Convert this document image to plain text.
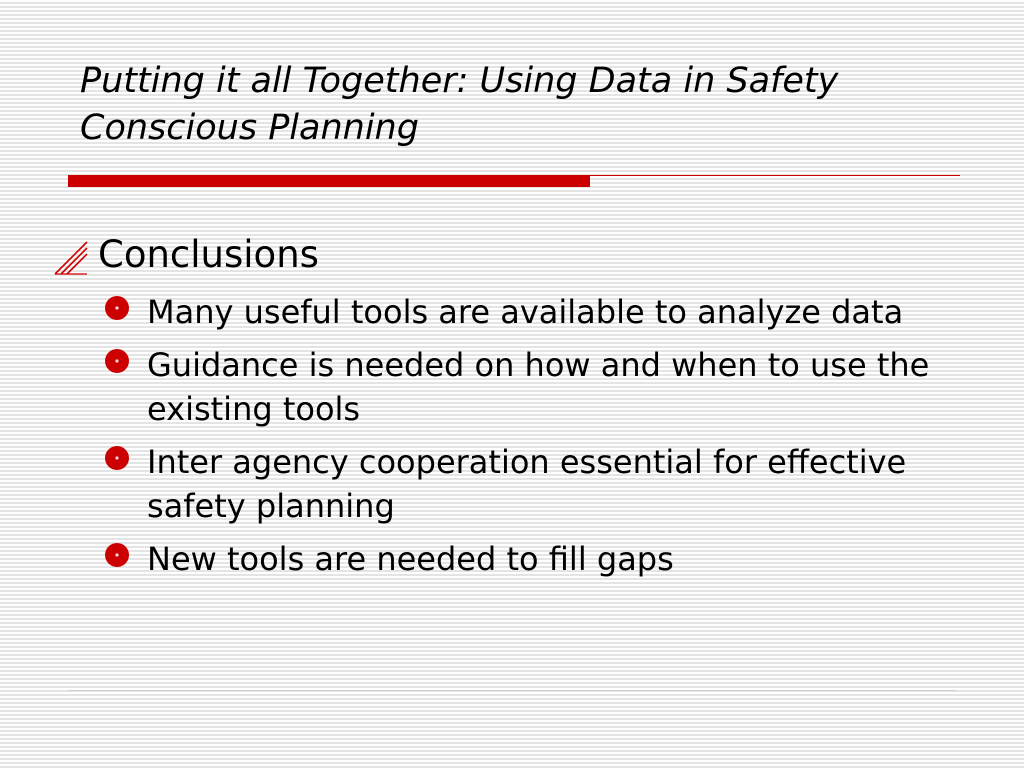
Putting it all Together: Using Data in Safety Conscious Planning
Conclusions
Many useful tools are available to analyze data
Guidance is needed on how and when to use the existing tools
Inter agency cooperation essential for effective safety planning
New tools are needed to fill gaps
